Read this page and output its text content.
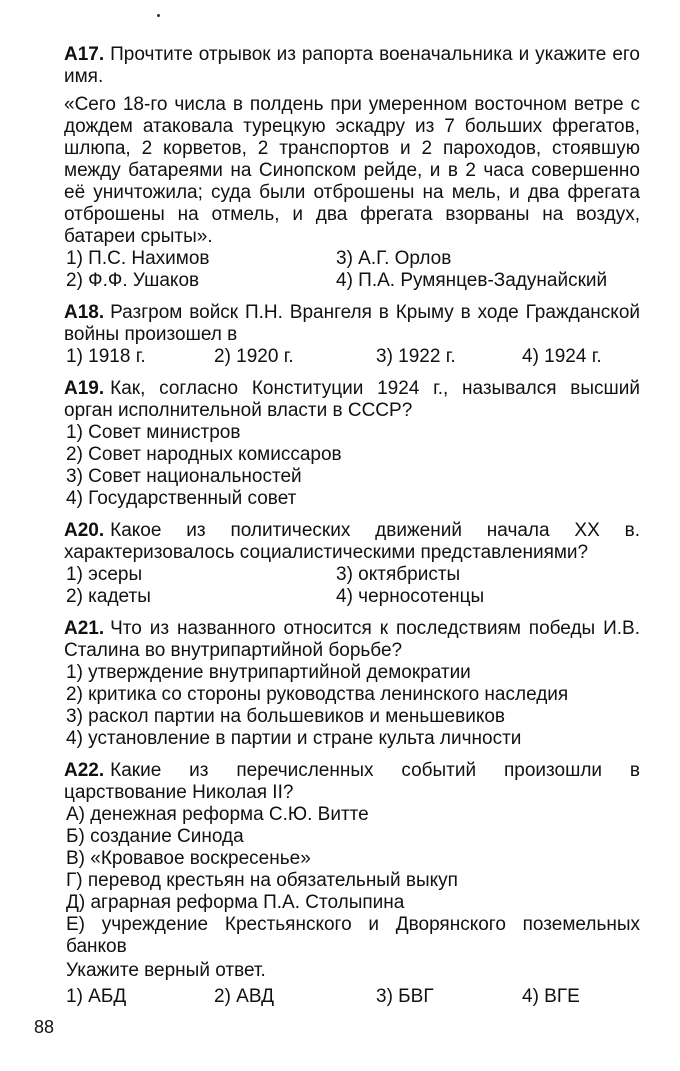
А17. Прочтите отрывок из рапорта военачальника и укажите его имя.
«Сего 18-го числа в полдень при умеренном восточном ветре с дождем атаковала турецкую эскадру из 7 больших фрегатов, шлюпа, 2 корветов, 2 транспортов и 2 пароходов, стоявшую между батареями на Синопском рейде, и в 2 часа совершенно её уничтожила; суда были отброшены на мель, и два фрегата отброшены на отмель, и два фрегата взорваны на воздух, батареи срыты».
1) П.С. Нахимов	3) А.Г. Орлов
2) Ф.Ф. Ушаков	4) П.А. Румянцев-Задунайский
А18. Разгром войск П.Н. Врангеля в Крыму в ходе Гражданской войны произошел в
1) 1918 г.	2) 1920 г.	3) 1922 г.	4) 1924 г.
А19. Как, согласно Конституции 1924 г., назывался высший орган исполнительной власти в СССР?
1) Совет министров
2) Совет народных комиссаров
3) Совет национальностей
4) Государственный совет
А20. Какое из политических движений начала XX в. характеризовалось социалистическими представлениями?
1) эсеры	3) октябристы
2) кадеты	4) черносотенцы
А21. Что из названного относится к последствиям победы И.В. Сталина во внутрипартийной борьбе?
1) утверждение внутрипартийной демократии
2) критика со стороны руководства ленинского наследия
3) раскол партии на большевиков и меньшевиков
4) установление в партии и стране культа личности
А22. Какие из перечисленных событий произошли в царствование Николая II?
А) денежная реформа С.Ю. Витте
Б) создание Синода
В) «Кровавое воскресенье»
Г) перевод крестьян на обязательный выкуп
Д) аграрная реформа П.А. Столыпина
Е) учреждение Крестьянского и Дворянского поземельных банков
Укажите верный ответ.
1) АБД	2) АВД	3) БВГ	4) ВГЕ
88
